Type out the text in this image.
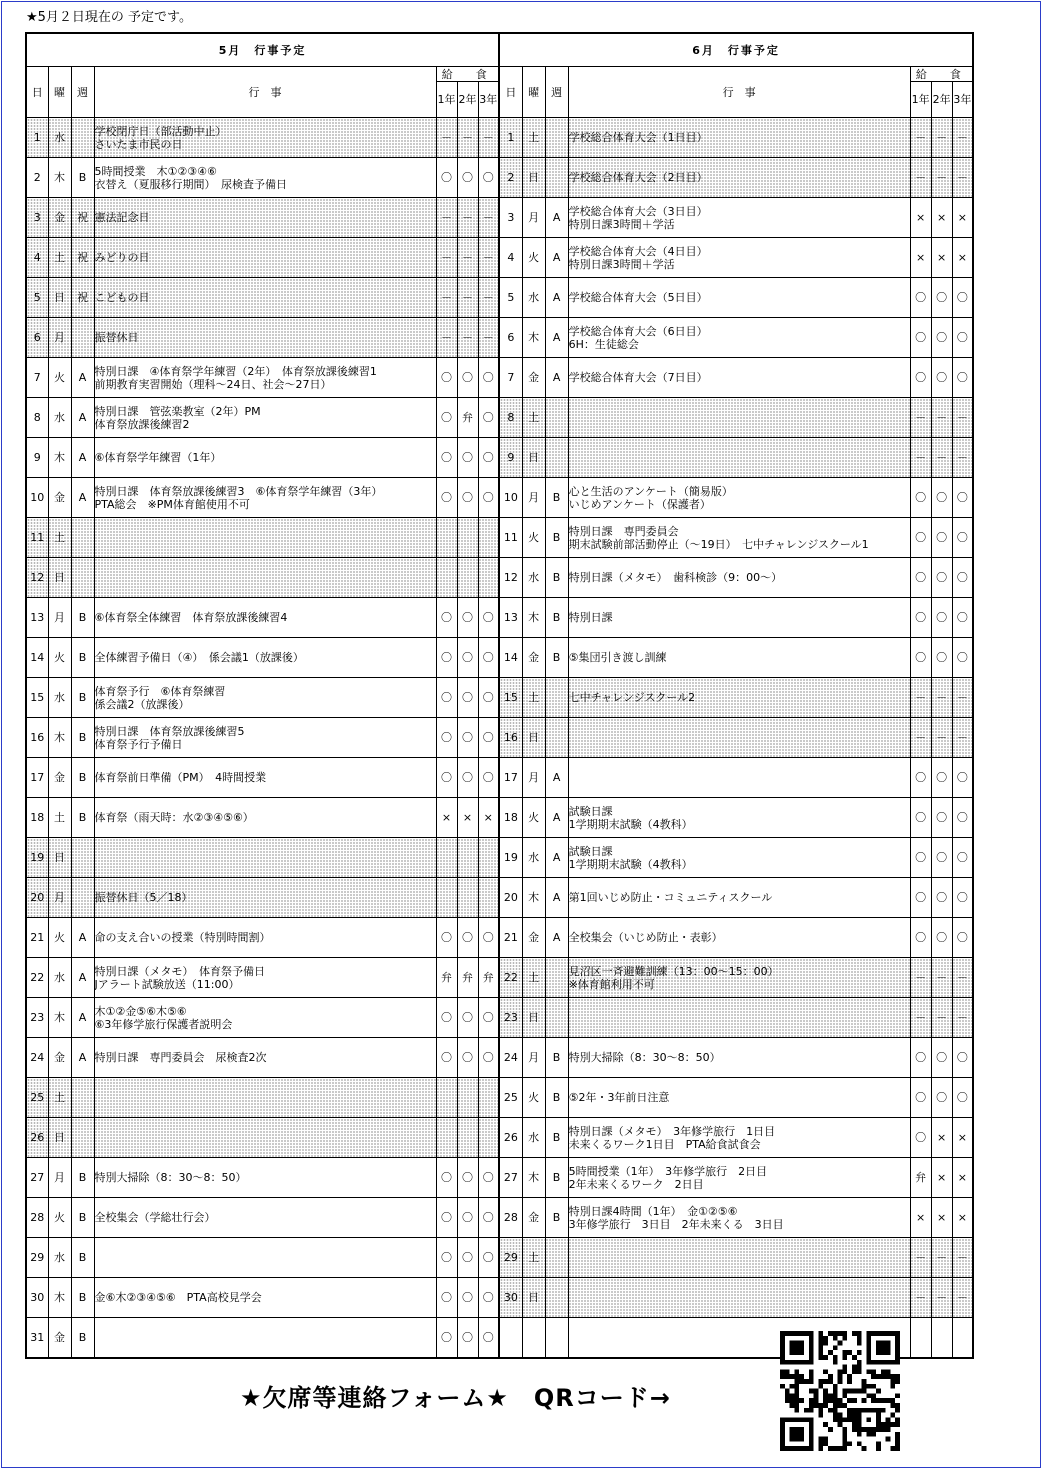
★5月２日現在の 予定です。
5月　行事予定							6月　行事予定						
日	曜	週	行　事	給　食			日	曜	週	行　事	給　食		
				1年	2年	3年					1年	2年	3年
1	水		学校閉庁日（部活動中止）
さいたま市民の日	－	－	－	1	土		学校総合体育大会（1日目）	－	－	－
2	木	B	5時間授業　木①②③④⑥
衣替え（夏服移行期間）　尿検査予備日	〇	〇	〇	2	日		学校総合体育大会（2日目）	－	－	－
3	金	祝	憲法記念日	－	－	－	3	月	A	学校総合体育大会（3日目）
特別日課3時間＋学活	×	×	×
4	土	祝	みどりの日	－	－	－	4	火	A	学校総合体育大会（4日目）
特別日課3時間＋学活	×	×	×
5	日	祝	こどもの日	－	－	－	5	水	A	学校総合体育大会（5日目）	〇	〇	〇
6	月		振替休日	－	－	－	6	木	A	学校総合体育大会（6日目）
6H：生徒総会	〇	〇	〇
7	火	A	特別日課　④体育祭学年練習（2年）　体育祭放課後練習1
前期教育実習開始（理科～24日、社会～27日）	〇	〇	〇	7	金	A	学校総合体育大会（7日目）	〇	〇	〇
8	水	A	特別日課　管弦楽教室（2年）PM
体育祭放課後練習2	〇	弁	〇	8	土			－	－	－
9	木	A	⑥体育祭学年練習（1年）	〇	〇	〇	9	日			－	－	－
10	金	A	特別日課　体育祭放課後練習3　⑥体育祭学年練習（3年）
PTA総会　※PM体育館使用不可	〇	〇	〇	10	月	B	心と生活のアンケート（簡易版）
いじめアンケート（保護者）	〇	〇	〇
11	土						11	火	B	特別日課　専門委員会
期末試験前部活動停止（～19日）　七中チャレンジスクール1	〇	〇	〇
12	日						12	水	B	特別日課（メタモ）　歯科検診（9：00～）	〇	〇	〇
13	月	B	⑥体育祭全体練習　体育祭放課後練習4	〇	〇	〇	13	木	B	特別日課	〇	〇	〇
14	火	B	全体練習予備日（④）　係会議1（放課後）	〇	〇	〇	14	金	B	⑤集団引き渡し訓練	〇	〇	〇
15	水	B	体育祭予行　⑥体育祭練習
係会議2（放課後）	〇	〇	〇	15	土		七中チャレンジスクール2	－	－	－
16	木	B	特別日課　体育祭放課後練習5
体育祭予行予備日	〇	〇	〇	16	日			－	－	－
17	金	B	体育祭前日準備（PM）　4時間授業	〇	〇	〇	17	月	A		〇	〇	〇
18	土	B	体育祭（雨天時：水②③④⑤⑥）	×	×	×	18	火	A	試験日課
1学期期末試験（4教科）	〇	〇	〇
19	日						19	水	A	試験日課
1学期期末試験（4教科）	〇	〇	〇
20	月		振替休日（5／18）				20	木	A	第1回いじめ防止・コミュニティスクール	〇	〇	〇
21	火	A	命の支え合いの授業（特別時間割）	〇	〇	〇	21	金	A	全校集会（いじめ防止・表彰）	〇	〇	〇
22	水	A	特別日課（メタモ）　体育祭予備日
Jアラート試験放送（11:00）	弁	弁	弁	22	土		見沼区一斉避難訓練（13：00～15：00）
※体育館利用不可	－	－	－
23	木	A	木①②金⑤⑥木⑤⑥
⑥3年修学旅行保護者説明会	〇	〇	〇	23	日			－	－	－
24	金	A	特別日課　専門委員会　尿検査2次	〇	〇	〇	24	月	B	特別大掃除（8：30～8：50）	〇	〇	〇
25	土						25	火	B	⑤2年・3年前日注意	〇	〇	〇
26	日						26	水	B	特別日課（メタモ）　3年修学旅行　1日目
未来くるワーク1日目　PTA給食試食会	〇	×	×
27	月	B	特別大掃除（8：30～8：50）	〇	〇	〇	27	木	B	5時間授業（1年）　3年修学旅行　2日目
2年未来くるワーク　2日目	弁	×	×
28	火	B	全校集会（学総壮行会）	〇	〇	〇	28	金	B	特別日課4時間（1年）　金①②⑤⑥
3年修学旅行　3日目　2年未来くる　3日目	×	×	×
29	水	B		〇	〇	〇	29	土			－	－	－
30	木	B	金⑥木②③④⑤⑥　PTA高校見学会	〇	〇	〇	30	日			－	－	－
31	金	B		〇	〇	〇							
★欠席等連絡フォーム★　QRコード→
